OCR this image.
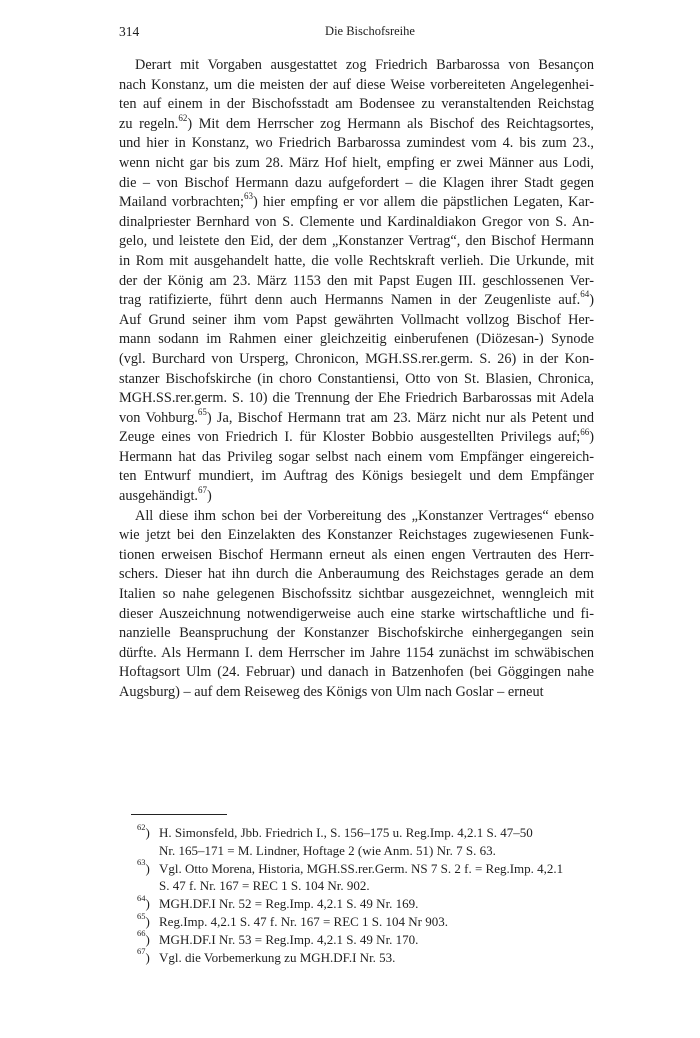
314	Die Bischofsreihe
Derart mit Vorgaben ausgestattet zog Friedrich Barbarossa von Besançon
nach Konstanz, um die meisten der auf diese Weise vorbereiteten Angelegenhei-
ten auf einem in der Bischofsstadt am Bodensee zu veranstaltenden Reichstag
zu regeln.$^{62}$) Mit dem Herrscher zog Hermann als Bischof des Reichtagsortes,
und hier in Konstanz, wo Friedrich Barbarossa zumindest vom 4. bis zum 23.,
wenn nicht gar bis zum 28. März Hof hielt, empfing er zwei Männer aus Lodi,
die – von Bischof Hermann dazu aufgefordert – die Klagen ihrer Stadt gegen
Mailand vorbrachten;$^{63}$) hier empfing er vor allem die päpstlichen Legaten, Kar-
dinalpriester Bernhard von S. Clemente und Kardinaldiakon Gregor von S. An-
gelo, und leistete den Eid, der dem „Konstanzer Vertrag“, den Bischof Hermann
in Rom mit ausgehandelt hatte, die volle Rechtskraft verlieh. Die Urkunde, mit
der der König am 23. März 1153 den mit Papst Eugen III. geschlossenen Ver-
trag ratifizierte, führt denn auch Hermanns Namen in der Zeugenliste auf.$^{64}$)
Auf Grund seiner ihm vom Papst gewährten Vollmacht vollzog Bischof Her-
mann sodann im Rahmen einer gleichzeitig einberufenen (Diözesan-) Synode
(vgl. Burchard von Ursperg, Chronicon, MGH.SS.rer.germ. S. 26) in der Kon-
stanzer Bischofskirche (in choro Constantiensi, Otto von St. Blasien, Chronica,
MGH.SS.rer.germ. S. 10) die Trennung der Ehe Friedrich Barbarossas mit Adela
von Vohburg.$^{65}$) Ja, Bischof Hermann trat am 23. März nicht nur als Petent und
Zeuge eines von Friedrich I. für Kloster Bobbio ausgestellten Privilegs auf;$^{66}$)
Hermann hat das Privileg sogar selbst nach einem vom Empfänger eingereich-
ten Entwurf mundiert, im Auftrag des Königs besiegelt und dem Empfänger
ausgehändigt.$^{67}$)
All diese ihm schon bei der Vorbereitung des „Konstanzer Vertrages“ ebenso
wie jetzt bei den Einzelakten des Konstanzer Reichstages zugewiesenen Funk-
tionen erweisen Bischof Hermann erneut als einen engen Vertrauten des Herr-
schers. Dieser hat ihn durch die Anberaumung des Reichstages gerade an dem
Italien so nahe gelegenen Bischofssitz sichtbar ausgezeichnet, wenngleich mit
dieser Auszeichnung notwendigerweise auch eine starke wirtschaftliche und fi-
nanzielle Beanspruchung der Konstanzer Bischofskirche einhergegangen sein
dürfte. Als Hermann I. dem Herrscher im Jahre 1154 zunächst im schwäbischen
Hoftagsort Ulm (24. Februar) und danach in Batzenhofen (bei Göggingen nahe
Augsburg) – auf dem Reiseweg des Königs von Ulm nach Goslar – erneut
$^{62}$) H. Simonsfeld, Jbb. Friedrich I., S. 156–175 u. Reg.Imp. 4,2.1 S. 47–50
Nr. 165–171 = M. Lindner, Hoftage 2 (wie Anm. 51) Nr. 7 S. 63.
$^{63}$) Vgl. Otto Morena, Historia, MGH.SS.rer.Germ. NS 7 S. 2 f. = Reg.Imp. 4,2.1
S. 47 f. Nr. 167 = REC 1 S. 104 Nr. 902.
$^{64}$) MGH.DF.I Nr. 52 = Reg.Imp. 4,2.1 S. 49 Nr. 169.
$^{65}$) Reg.Imp. 4,2.1 S. 47 f. Nr. 167 = REC 1 S. 104 Nr 903.
$^{66}$) MGH.DF.I Nr. 53 = Reg.Imp. 4,2.1 S. 49 Nr. 170.
$^{67}$) Vgl. die Vorbemerkung zu MGH.DF.I Nr. 53.
